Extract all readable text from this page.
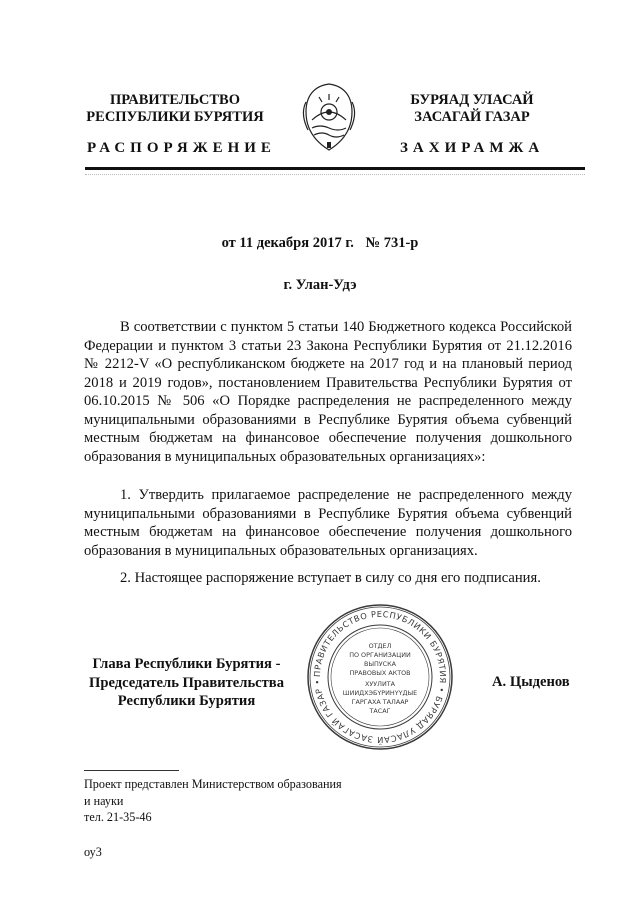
ПРАВИТЕЛЬСТВО
РЕСПУБЛИКИ БУРЯТИЯ
РАСПОРЯЖЕНИЕ
БУРЯАД УЛАСАЙ
ЗАСАГАЙ ГАЗАР
ЗАХИРАМЖА
от 11 декабря 2017 г. № 731-р
г. Улан-Удэ

В соответствии с пунктом 5 статьи 140 Бюджетного кодекса Российской Федерации и пунктом 3 статьи 23 Закона Республики Бурятия от 21.12.2016 № 2212-V «О республиканском бюджете на 2017 год и на плановый период 2018 и 2019 годов», постановлением Правительства Республики Бурятия от 06.10.2015 № 506 «О Порядке распределения не распределенного между муниципальными образованиями в Республике Бурятия объема субвенций местным бюджетам на финансовое обеспечение получения дошкольного образования в муниципальных образовательных организациях»:

1. Утвердить прилагаемое распределение не распределенного между муниципальными образованиями в Республике Бурятия объема субвенций местным бюджетам на финансовое обеспечение получения дошкольного образования в муниципальных образовательных организациях.

2. Настоящее распоряжение вступает в силу со дня его подписания.

Глава Республики Бурятия -
Председатель Правительства
Республики Бурятия
ПРАВИТЕЛЬСТВО РЕСПУБЛИКИ БУРЯТИЯ • БУРЯАД УЛАСАЙ ЗАСАГАЙ ГАЗАР •
ОТДЕЛ
ПО ОРГАНИЗАЦИИ
ВЫПУСКА
ПРАВОВЫХ АКТОВ
ХУУЛИТА
ШИИДХЭБҮРИНҮҮДЫЕ
ГАРГАХА ТАЛААР
ТАСАГ
А. Цыденов
Проект представлен Министерством образования
и науки
тел. 21-35-46
оу3
